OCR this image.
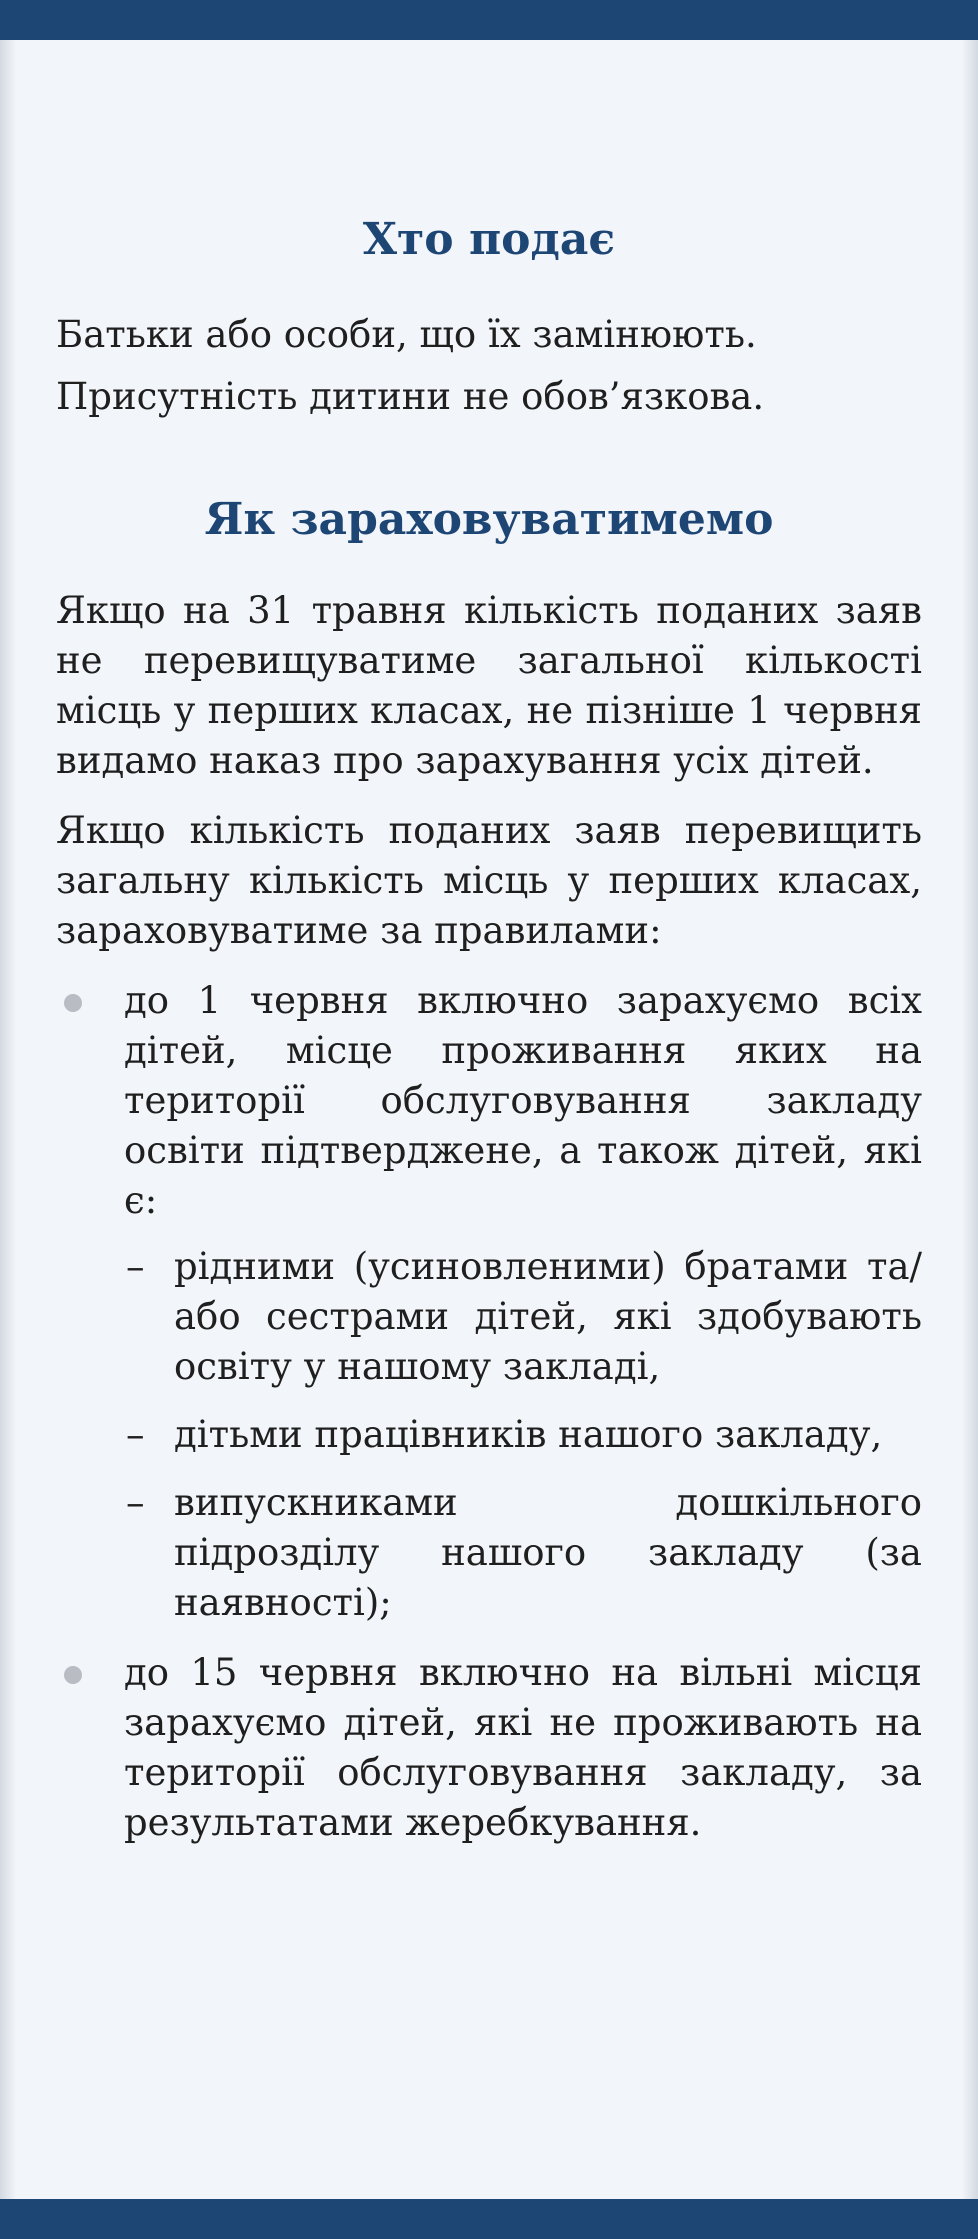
Хто подає

Батьки або особи, що їх замінюють.

Присутність дитини не обов’язкова.

Як зараховуватимемо

Якщо на 31 травня кількість поданих заяв не перевищуватиме загальної кількості місць у перших класах, не пізніше 1 червня видамо наказ про зарахування усіх дітей.

Якщо кількість поданих заяв перевищить загальну кількість місць у перших класах, зараховуватиме за правилами:

до 1 червня включно зарахуємо всіх дітей, місце проживання яких на території обслуговування закладу освіти підтверджене, а також дітей, які є:
– рідними (усиновленими) братами та/або сестрами дітей, які здобувають освіту у нашому закладі,
– дітьми працівників нашого закладу,
– випускниками дошкільного підрозділу нашого закладу (за наявності);
до 15 червня включно на вільні місця зарахуємо дітей, які не проживають на території обслуговування закладу, за результатами жеребкування.
